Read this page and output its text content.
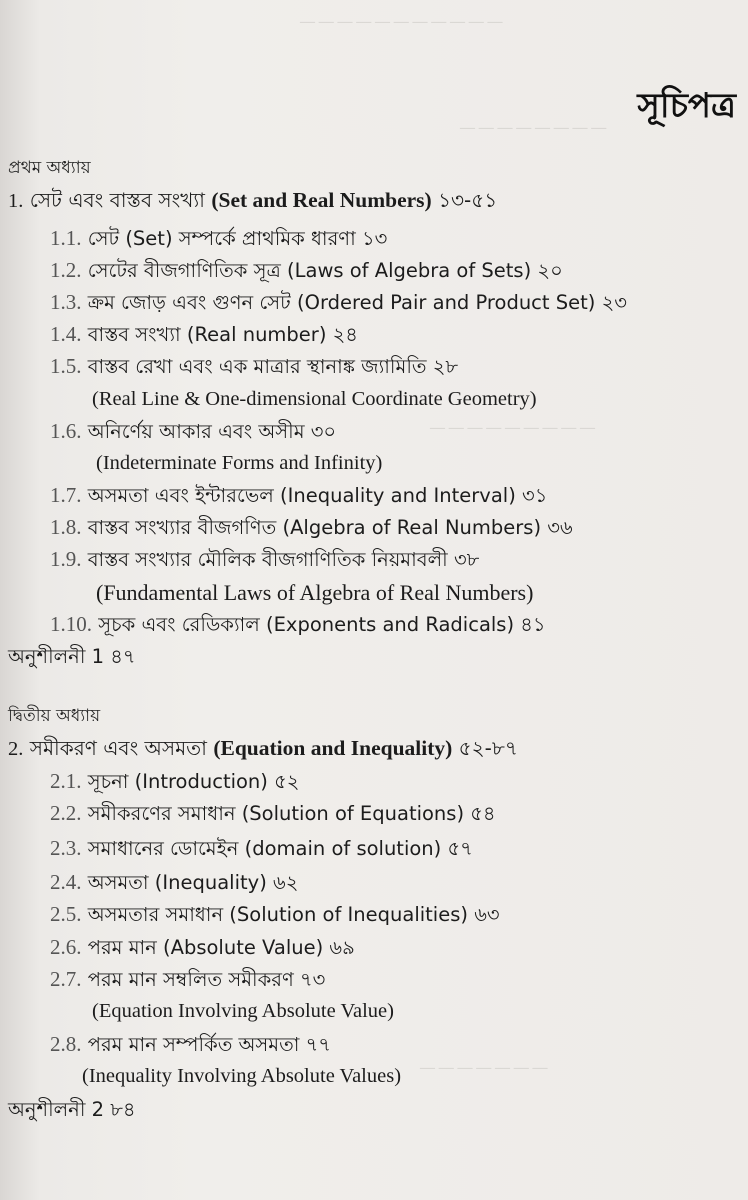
— — — — — — — — — — —
— — — — — — — —
— — — — — — — — —
— — — — — — —
সূচিপত্র
প্রথম অধ্যায়
1. সেট এবং বাস্তব সংখ্যা (Set and Real Numbers) ১৩-৫১
1.1. সেট (Set) সম্পর্কে প্রাথমিক ধারণা ১৩
1.2. সেটের বীজগাণিতিক সূত্র (Laws of Algebra of Sets) ২০
1.3. ক্রম জোড় এবং গুণন সেট (Ordered Pair and Product Set) ২৩
1.4. বাস্তব সংখ্যা (Real number) ২৪
1.5. বাস্তব রেখা এবং এক মাত্রার স্থানাঙ্ক জ্যামিতি ২৮
(Real Line & One-dimensional Coordinate Geometry)
1.6. অনির্ণেয় আকার এবং অসীম ৩০
(Indeterminate Forms and Infinity)
1.7. অসমতা এবং ইন্টারভেল (Inequality and Interval) ৩১
1.8. বাস্তব সংখ্যার বীজগণিত (Algebra of Real Numbers) ৩৬
1.9. বাস্তব সংখ্যার মৌলিক বীজগাণিতিক নিয়মাবলী ৩৮
(Fundamental Laws of Algebra of Real Numbers)
1.10. সূচক এবং রেডিক্যাল (Exponents and Radicals) ৪১
অনুশীলনী 1 ৪৭
দ্বিতীয় অধ্যায়
2. সমীকরণ এবং অসমতা (Equation and Inequality) ৫২-৮৭
2.1. সূচনা (Introduction) ৫২
2.2. সমীকরণের সমাধান (Solution of Equations) ৫৪
2.3. সমাধানের ডোমেইন (domain of solution) ৫৭
2.4. অসমতা (Inequality) ৬২
2.5. অসমতার সমাধান (Solution of Inequalities) ৬৩
2.6. পরম মান (Absolute Value) ৬৯
2.7. পরম মান সম্বলিত সমীকরণ ৭৩
(Equation Involving Absolute Value)
2.8. পরম মান সম্পর্কিত অসমতা ৭৭
(Inequality Involving Absolute Values)
অনুশীলনী 2 ৮৪
